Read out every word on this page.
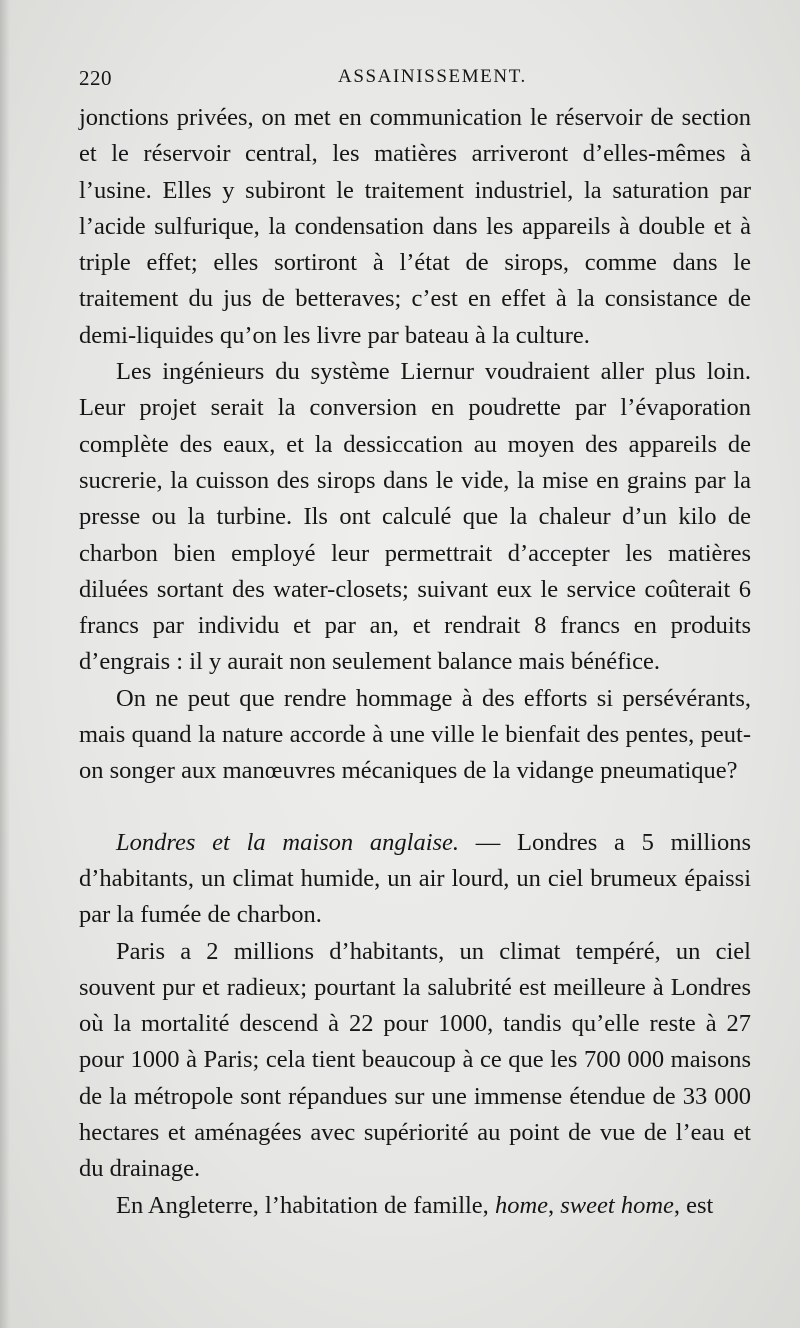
220	ASSAINISSEMENT.

jonctions privées, on met en communication le réservoir de section et le réservoir central, les matières arriveront d’elles-mêmes à l’usine. Elles y subiront le traitement industriel, la saturation par l’acide sulfurique, la condensation dans les appareils à double et à triple effet; elles sortiront à l’état de sirops, comme dans le traitement du jus de betteraves; c’est en effet à la consistance de demi-liquides qu’on les livre par bateau à la culture.

Les ingénieurs du système Liernur voudraient aller plus loin. Leur projet serait la conversion en poudrette par l’évaporation complète des eaux, et la dessiccation au moyen des appareils de sucrerie, la cuisson des sirops dans le vide, la mise en grains par la presse ou la turbine. Ils ont calculé que la chaleur d’un kilo de charbon bien employé leur permettrait d’accepter les matières diluées sortant des water-closets; suivant eux le service coûterait 6 francs par individu et par an, et rendrait 8 francs en produits d’engrais : il y aurait non seulement balance mais bénéfice.

On ne peut que rendre hommage à des efforts si persévérants, mais quand la nature accorde à une ville le bienfait des pentes, peut-on songer aux manœuvres mécaniques de la vidange pneumatique?

Londres et la maison anglaise. — Londres a 5 millions d’habitants, un climat humide, un air lourd, un ciel brumeux épaissi par la fumée de charbon.

Paris a 2 millions d’habitants, un climat tempéré, un ciel souvent pur et radieux; pourtant la salubrité est meilleure à Londres où la mortalité descend à 22 pour 1000, tandis qu’elle reste à 27 pour 1000 à Paris; cela tient beaucoup à ce que les 700 000 maisons de la métropole sont répandues sur une immense étendue de 33 000 hectares et aménagées avec supériorité au point de vue de l’eau et du drainage.

En Angleterre, l’habitation de famille, home, sweet home, est
